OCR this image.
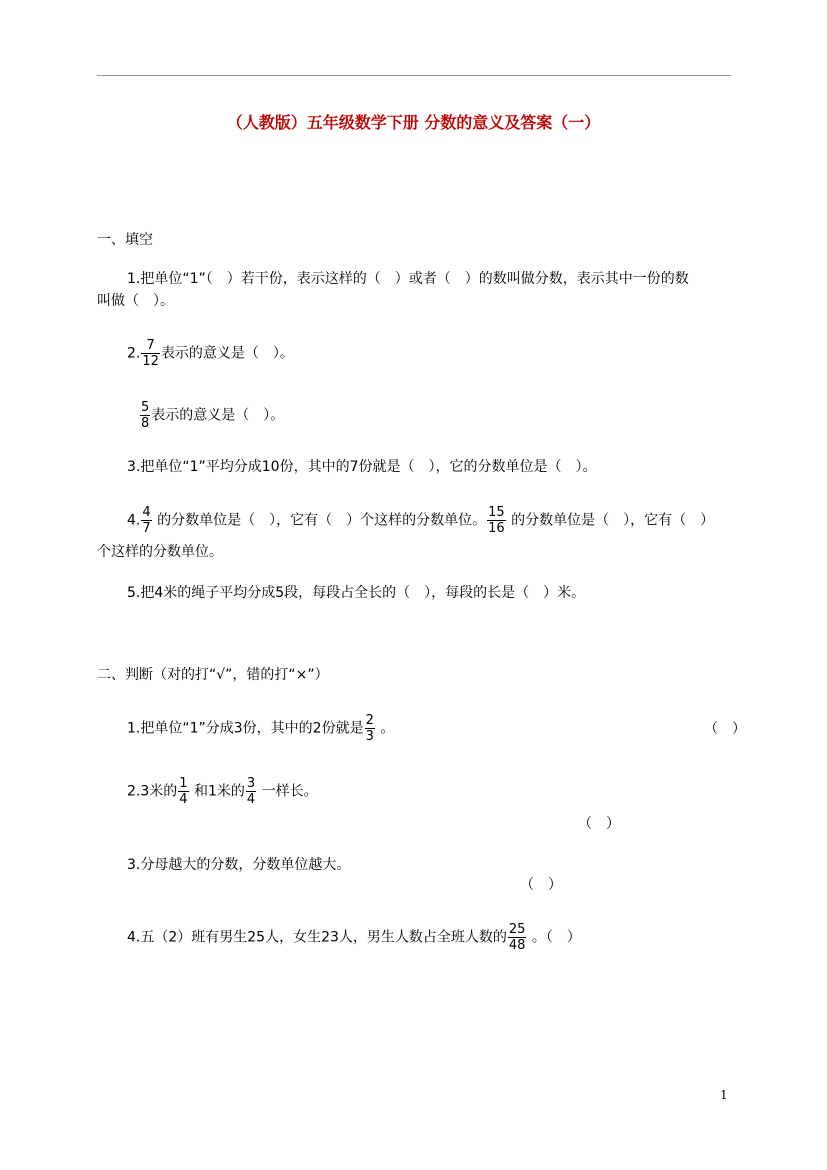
（人教版）五年级数学下册 分数的意义及答案（一）
一、填空
1.把单位“1”（　）若干份，表示这样的（　）或者（　）的数叫做分数，表示其中一份的数
叫做（　）。
2. $\frac{7}{12}$ 表示的意义是（　）。
$\frac{5}{8}$ 表示的意义是（　）。
3.把单位“1”平均分成10份，其中的7份就是（　），它的分数单位是（　）。
4. $\frac{4}{7}$ 的分数单位是（　），它有（　）个这样的分数单位。 $\frac{15}{16}$ 的分数单位是（　），它有（　）
个这样的分数单位。
5.把4米的绳子平均分成5段，每段占全长的（　），每段的长是（　）米。
二、判断（对的打“√”，错的打“×”）
1.把单位“1”分成3份，其中的2份就是 $\frac{2}{3}$ 。	（　）
2.3米的 $\frac{1}{4}$ 和1米的 $\frac{3}{4}$ 一样长。
（　）
3.分母越大的分数，分数单位越大。
（　）
4.五（2）班有男生25人，女生23人，男生人数占全班人数的 $\frac{25}{48}$ 。（　）
1
